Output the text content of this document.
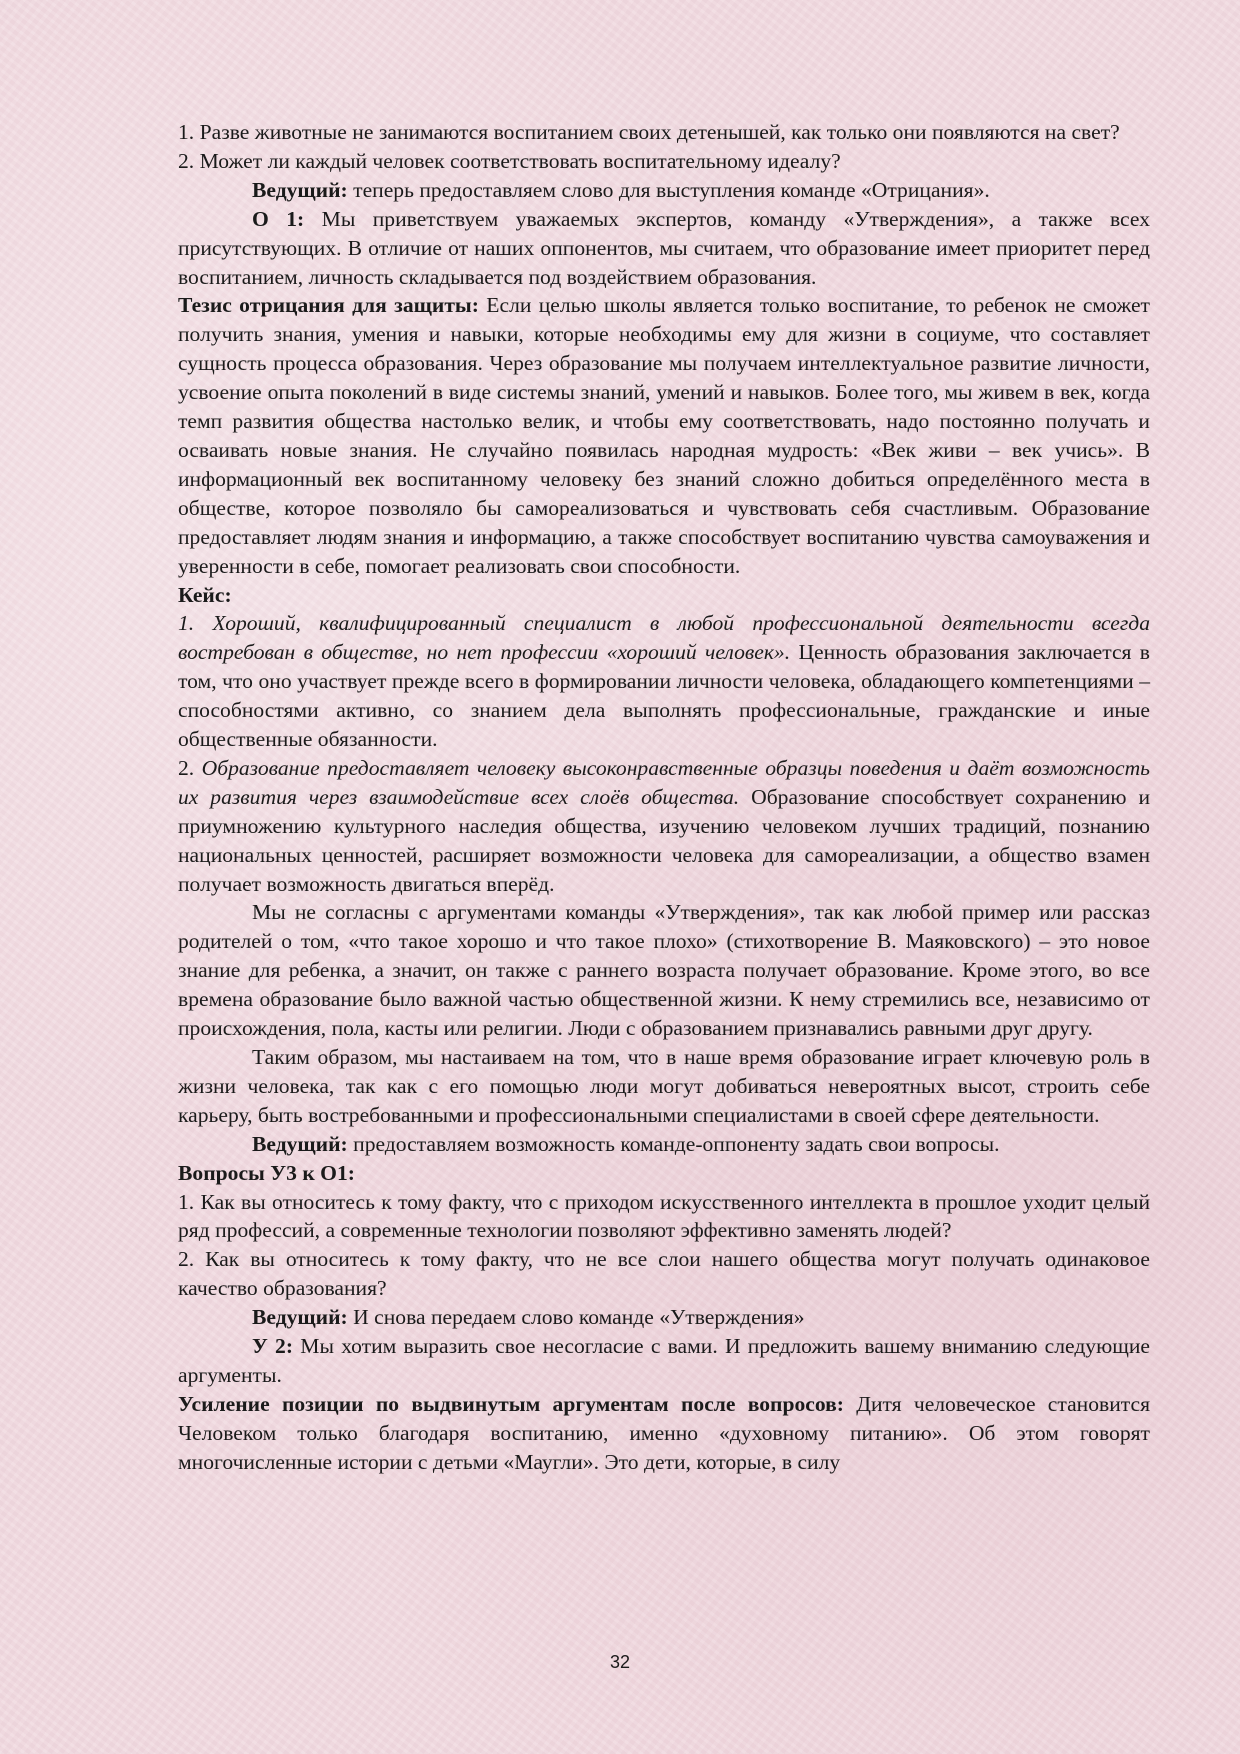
1. Разве животные не занимаются воспитанием своих детенышей, как только они появляются на свет?

2. Может ли каждый человек соответствовать воспитательному идеалу?

Ведущий: теперь предоставляем слово для выступления команде «Отрицания».

О 1: Мы приветствуем уважаемых экспертов, команду «Утверждения», а также всех присутствующих. В отличие от наших оппонентов, мы считаем, что образование имеет приоритет перед воспитанием, личность складывается под воздействием образования.

Тезис отрицания для защиты: Если целью школы является только воспитание, то ребенок не сможет получить знания, умения и навыки, которые необходимы ему для жизни в социуме, что составляет сущность процесса образования. Через образование мы получаем интеллектуальное развитие личности, усвоение опыта поколений в виде системы знаний, умений и навыков. Более того, мы живем в век, когда темп развития общества настолько велик, и чтобы ему соответствовать, надо постоянно получать и осваивать новые знания. Не случайно появилась народная мудрость: «Век живи – век учись». В информационный век воспитанному человеку без знаний сложно добиться определённого места в обществе, которое позволяло бы самореализоваться и чувствовать себя счастливым. Образование предоставляет людям знания и информацию, а также способствует воспитанию чувства самоуважения и уверенности в себе, помогает реализовать свои способности.

Кейс:

1. Хороший, квалифицированный специалист в любой профессиональной деятельности всегда востребован в обществе, но нет профессии «хороший человек». Ценность образования заключается в том, что оно участвует прежде всего в формировании личности человека, обладающего компетенциями – способностями активно, со знанием дела выполнять профессиональные, гражданские и иные общественные обязанности.

2. Образование предоставляет человеку высоконравственные образцы поведения и даёт возможность их развития через взаимодействие всех слоёв общества. Образование способствует сохранению и приумножению культурного наследия общества, изучению человеком лучших традиций, познанию национальных ценностей, расширяет возможности человека для самореализации, а общество взамен получает возможность двигаться вперёд.

Мы не согласны с аргументами команды «Утверждения», так как любой пример или рассказ родителей о том, «что такое хорошо и что такое плохо» (стихотворение В. Маяковского) – это новое знание для ребенка, а значит, он также с раннего возраста получает образование. Кроме этого, во все времена образование было важной частью общественной жизни. К нему стремились все, независимо от происхождения, пола, касты или религии. Люди с образованием признавались равными друг другу.

Таким образом, мы настаиваем на том, что в наше время образование играет ключевую роль в жизни человека, так как с его помощью люди могут добиваться невероятных высот, строить себе карьеру, быть востребованными и профессиональными специалистами в своей сфере деятельности.

Ведущий: предоставляем возможность команде-оппоненту задать свои вопросы.

Вопросы У3 к О1:

1. Как вы относитесь к тому факту, что с приходом искусственного интеллекта в прошлое уходит целый ряд профессий, а современные технологии позволяют эффективно заменять людей?

2. Как вы относитесь к тому факту, что не все слои нашего общества могут получать одинаковое качество образования?

Ведущий: И снова передаем слово команде «Утверждения»

У 2: Мы хотим выразить свое несогласие с вами. И предложить вашему вниманию следующие аргументы.

Усиление позиции по выдвинутым аргументам после вопросов: Дитя человеческое становится Человеком только благодаря воспитанию, именно «духовному питанию». Об этом говорят многочисленные истории с детьми «Маугли». Это дети, которые, в силу

32
